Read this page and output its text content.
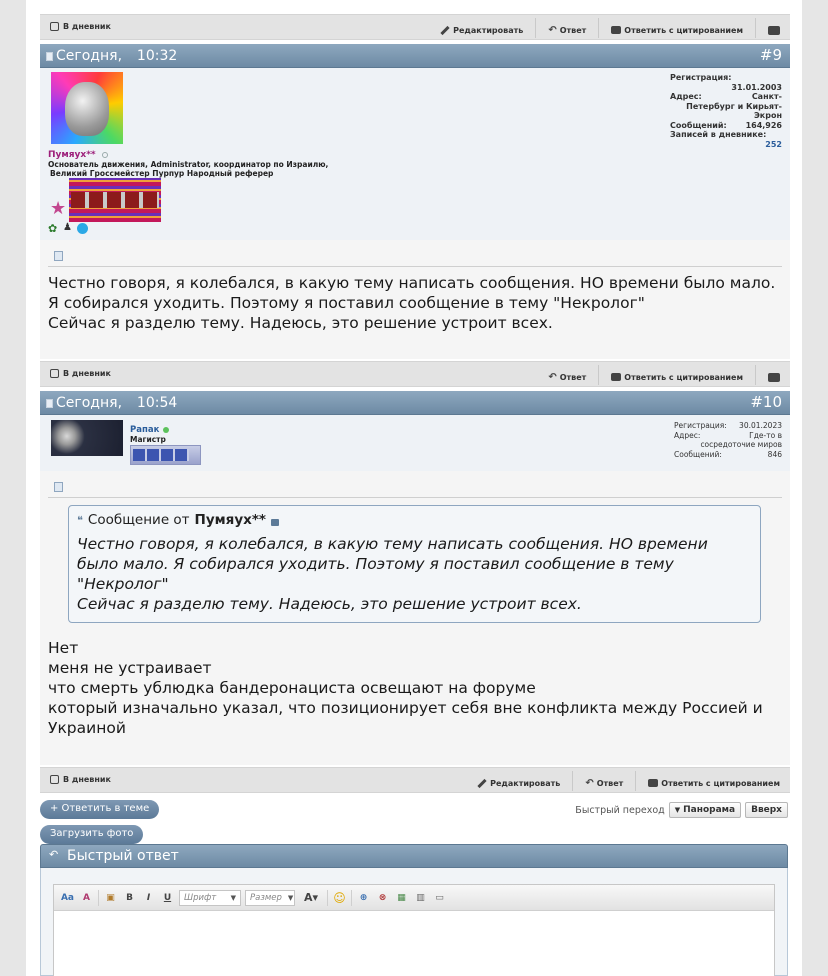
В дневник	Редактировать	↶ Ответ	Ответить с цитированием
Сегодня,
10:32	#9
Пумяух**
Основатель движения, Administrator, координатор по Израилю,
Великий Гроссмейстер Пурпур Народный реферер
★
✿ ♟
Регистрация:
31.01.2003
Адрес:	Санкт-
Петербург и Кирьят-
Экрон
Сообщений: 164,926
Записей в дневнике:
252
Честно говоря, я колебался, в какую тему написать сообщения. НО времени было мало.
Я собирался уходить. Поэтому я поставил сообщение в тему "Некролог"
Сейчас я разделю тему. Надеюсь, это решение устроит всех.
В дневник	↶ Ответ	Ответить с цитированием
Сегодня,
10:54	#10
Рапак
Магистр
Регистрация: 30.01.2023
Адрес:	Где-то в
сосредоточие миров
Сообщений:	846
❝ Сообщение от Пумяух**
Честно говоря, я колебался, в какую тему написать сообщения. НО времени
было мало. Я собирался уходить. Поэтому я поставил сообщение в тему
"Некролог"
Сейчас я разделю тему. Надеюсь, это решение устроит всех.
Нет
меня не устраивает
что смерть ублюдка бандеронациста освещают на форуме
который изначально указал, что позиционирует себя вне конфликта между Россией и
Украиной
В дневник	Редактировать	↶ Ответ	Ответить с цитированием
+ Ответить в теме
Загрузить фото
Быстрый переход ▼ Панорама	Вверх
↶ Быстрый ответ
Aa	A	▣	B	I	U	Шрифт ▼ Размер ▼ A▾	☺	⊕	⊗	▦	▥	▭
